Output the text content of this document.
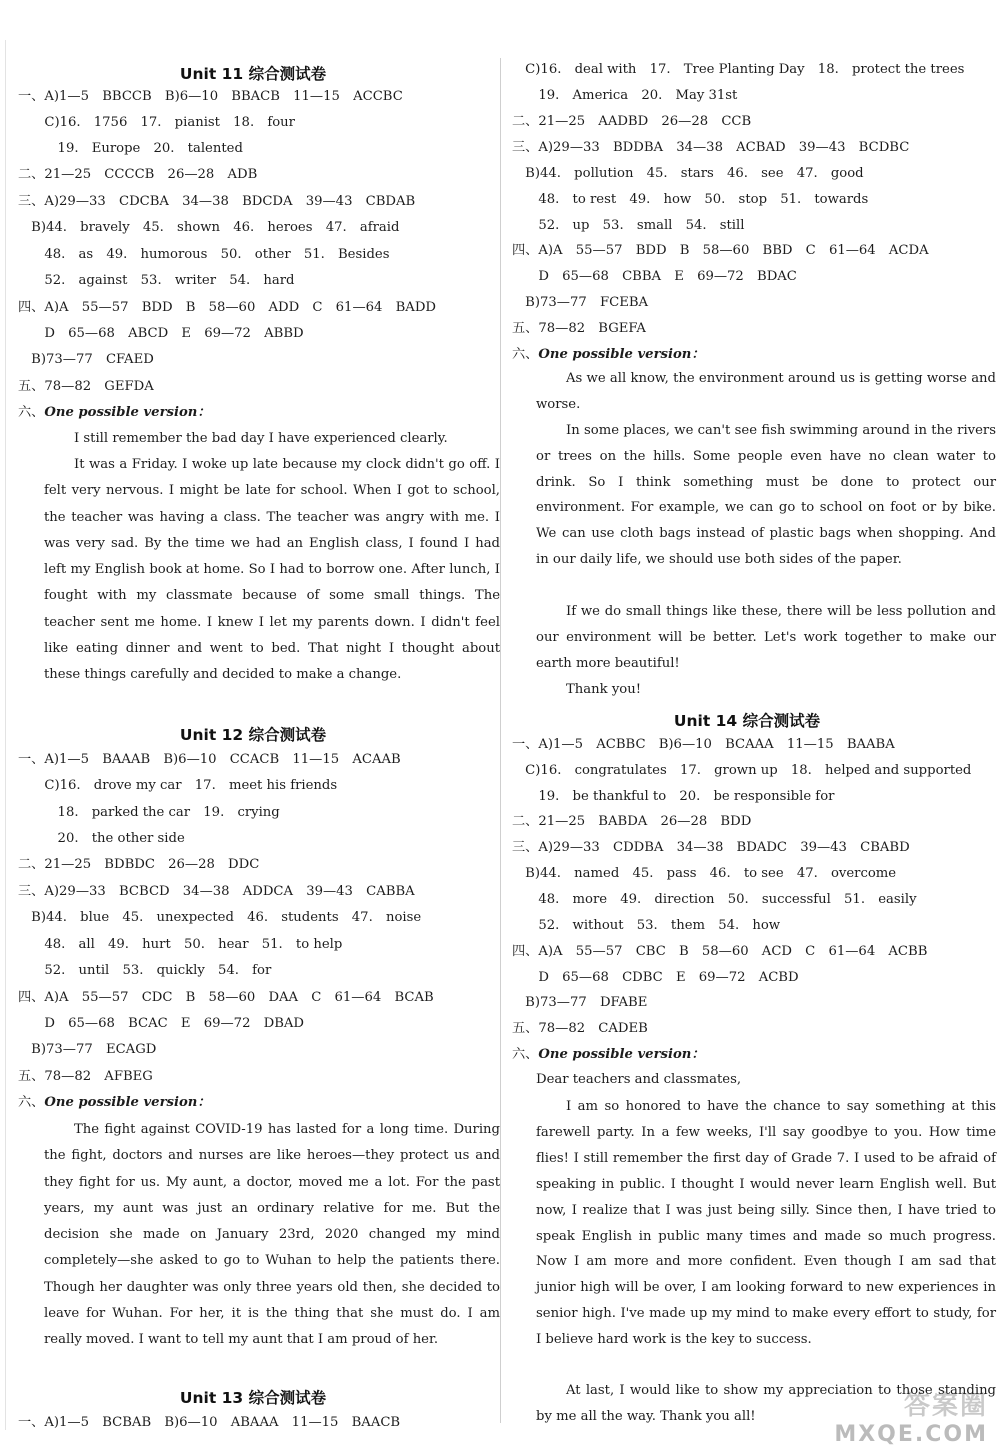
Unit 11 综合测试卷
一、A)1—5　BBCCB　B)6—10　BBACB　11—15　ACCBC
　　C)16.　1756　17.　pianist　18.　four
　　　19.　Europe　20.　talented
二、21—25　CCCCB　26—28　ADB
三、A)29—33　CDCBA　34—38　BDCDA　39—43　CBDAB
　B)44.　bravely　45.　shown　46.　heroes　47.　afraid
　　48.　as　49.　humorous　50.　other　51.　Besides
　　52.　against　53.　writer　54.　hard
四、A)A　55—57　BDD　B　58—60　ADD　C　61—64　BADD
　　D　65—68　ABCD　E　69—72　ABBD
　B)73—77　CFAED
五、78—82　GEFDA
六、One possible version：
I still remember the bad day I have experienced clearly.
It was a Friday. I woke up late because my clock didn't go off. I felt very nervous. I might be late for school. When I got to school, the teacher was having a class. The teacher was angry with me. I was very sad. By the time we had an English class, I found I had left my English book at home. So I had to borrow one. After lunch, I fought with my classmate because of some small things. The teacher sent me home. I knew I let my parents down. I didn't feel like eating dinner and went to bed. That night I thought about these things carefully and decided to make a change.
Unit 12 综合测试卷
一、A)1—5　BAAAB　B)6—10　CCACB　11—15　ACAAB
　　C)16.　drove my car　17.　meet his friends
　　　18.　parked the car　19.　crying
　　　20.　the other side
二、21—25　BDBDC　26—28　DDC
三、A)29—33　BCBCD　34—38　ADDCA　39—43　CABBA
　B)44.　blue　45.　unexpected　46.　students　47.　noise
　　48.　all　49.　hurt　50.　hear　51.　to help
　　52.　until　53.　quickly　54.　for
四、A)A　55—57　CDC　B　58—60　DAA　C　61—64　BCAB
　　D　65—68　BCAC　E　69—72　DBAD
　B)73—77　ECAGD
五、78—82　AFBEG
六、One possible version：
The fight against COVID-19 has lasted for a long time. During the fight, doctors and nurses are like heroes—they protect us and they fight for us. My aunt, a doctor, moved me a lot. For the past years, my aunt was just an ordinary relative for me. But the decision she made on January 23rd, 2020 changed my mind completely—she asked to go to Wuhan to help the patients there. Though her daughter was only three years old then, she decided to leave for Wuhan. For her, it is the thing that she must do. I am really moved. I want to tell my aunt that I am proud of her.
Unit 13 综合测试卷
一、A)1—5　BCBAB　B)6—10　ABAAA　11—15　BAACB
　C)16.　deal with　17.　Tree Planting Day　18.　protect the trees
　　19.　America　20.　May 31st
二、21—25　AADBD　26—28　CCB
三、A)29—33　BDDBA　34—38　ACBAD　39—43　BCDBC
　B)44.　pollution　45.　stars　46.　see　47.　good
　　48.　to rest　49.　how　50.　stop　51.　towards
　　52.　up　53.　small　54.　still
四、A)A　55—57　BDD　B　58—60　BBD　C　61—64　ACDA
　　D　65—68　CBBA　E　69—72　BDAC
　B)73—77　FCEBA
五、78—82　BGEFA
六、One possible version：
As we all know, the environment around us is getting worse and worse.
In some places, we can't see fish swimming around in the rivers or trees on the hills. Some people even have no clean water to drink. So I think something must be done to protect our environment. For example, we can go to school on foot or by bike. We can use cloth bags instead of plastic bags when shopping. And in our daily life, we should use both sides of the paper.
If we do small things like these, there will be less pollution and our environment will be better. Let's work together to make our earth more beautiful!
Thank you!
Unit 14 综合测试卷
一、A)1—5　ACBBC　B)6—10　BCAAA　11—15　BAABA
　C)16.　congratulates　17.　grown up　18.　helped and supported
　　19.　be thankful to　20.　be responsible for
二、21—25　BABDA　26—28　BDD
三、A)29—33　CDDBA　34—38　BDADC　39—43　CBABD
　B)44.　named　45.　pass　46.　to see　47.　overcome
　　48.　more　49.　direction　50.　successful　51.　easily
　　52.　without　53.　them　54.　how
四、A)A　55—57　CBC　B　58—60　ACD　C　61—64　ACBB
　　D　65—68　CDBC　E　69—72　ACBD
　B)73—77　DFABE
五、78—82　CADEB
六、One possible version：
Dear teachers and classmates,
I am so honored to have the chance to say something at this farewell party. In a few weeks, I'll say goodbye to you. How time flies! I still remember the first day of Grade 7. I used to be afraid of speaking in public. I thought I would never learn English well. But now, I realize that I was just being silly. Since then, I have tried to speak English in public many times and made so much progress. Now I am more and more confident. Even though I am sad that junior high will be over, I am looking forward to new experiences in senior high. I've made up my mind to make every effort to study, for I believe hard work is the key to success.
At last, I would like to show my appreciation to those standing by me all the way. Thank you all!	答案圈
MXQE.COM
